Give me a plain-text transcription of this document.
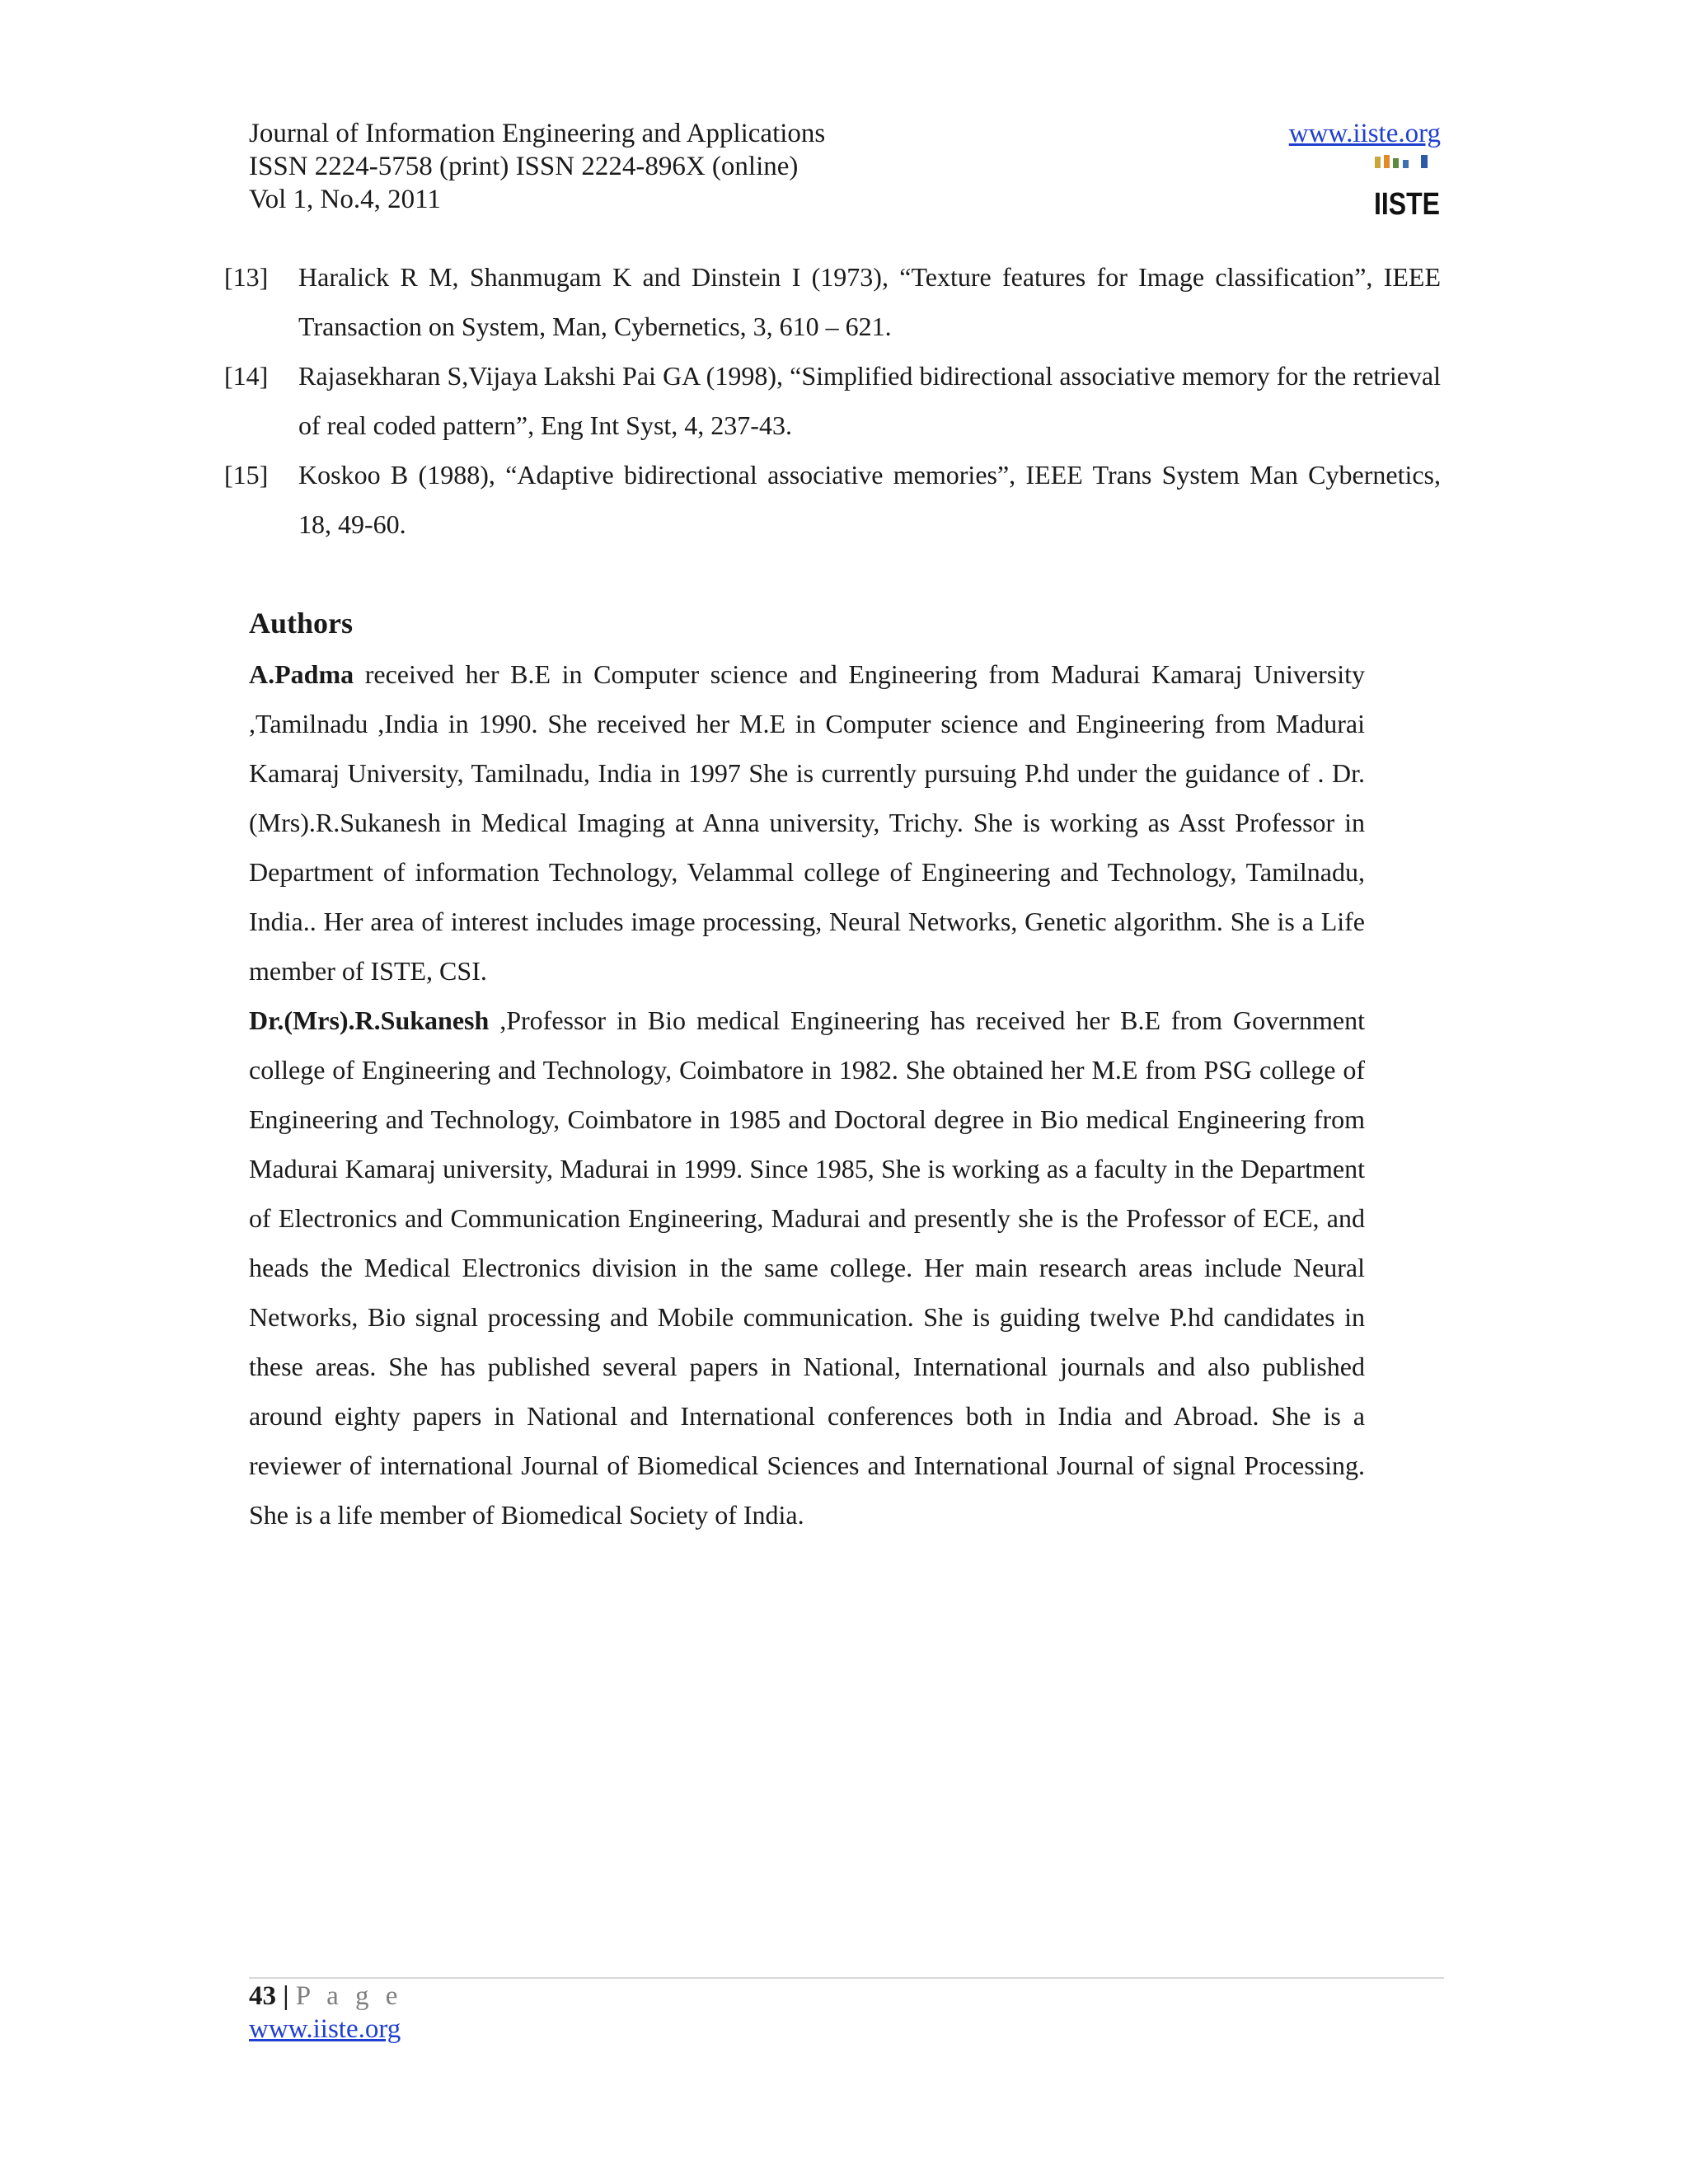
Journal of Information Engineering and Applications
ISSN 2224-5758 (print) ISSN 2224-896X (online)
Vol 1, No.4, 2011
www.iiste.org
IISTE

[13] Haralick R M, Shanmugam K and Dinstein I (1973), “Texture features for Image classification”, IEEE Transaction on System, Man, Cybernetics, 3, 610 – 621.

[14] Rajasekharan S,Vijaya Lakshi Pai GA (1998), “Simplified bidirectional associative memory for the retrieval of real coded pattern”, Eng Int Syst, 4, 237-43.

[15] Koskoo B (1988), “Adaptive bidirectional associative memories”, IEEE Trans System Man Cybernetics, 18, 49-60.

Authors

A.Padma received her B.E in Computer science and Engineering from Madurai Kamaraj University ,Tamilnadu ,India in 1990. She received her M.E in Computer science and Engineering from Madurai Kamaraj University, Tamilnadu, India in 1997 She is currently pursuing P.hd under the guidance of . Dr.(Mrs).R.Sukanesh in Medical Imaging at Anna university, Trichy. She is working as Asst Professor in Department of information Technology, Velammal college of Engineering and Technology, Tamilnadu, India.. Her area of interest includes image processing, Neural Networks, Genetic algorithm. She is a Life member of ISTE, CSI.

Dr.(Mrs).R.Sukanesh ,Professor in Bio medical Engineering has received her B.E from Government college of Engineering and Technology, Coimbatore in 1982. She obtained her M.E from PSG college of Engineering and Technology, Coimbatore in 1985 and Doctoral degree in Bio medical Engineering from Madurai Kamaraj university, Madurai in 1999. Since 1985, She is working as a faculty in the Department of Electronics and Communication Engineering, Madurai and presently she is the Professor of ECE, and heads the Medical Electronics division in the same college. Her main research areas include Neural Networks, Bio signal processing and Mobile communication. She is guiding twelve P.hd candidates in these areas. She has published several papers in National, International journals and also published around eighty papers in National and International conferences both in India and Abroad. She is a reviewer of international Journal of Biomedical Sciences and International Journal of signal Processing. She is a life member of Biomedical Society of India.

43 | P a g e
www.iiste.org
